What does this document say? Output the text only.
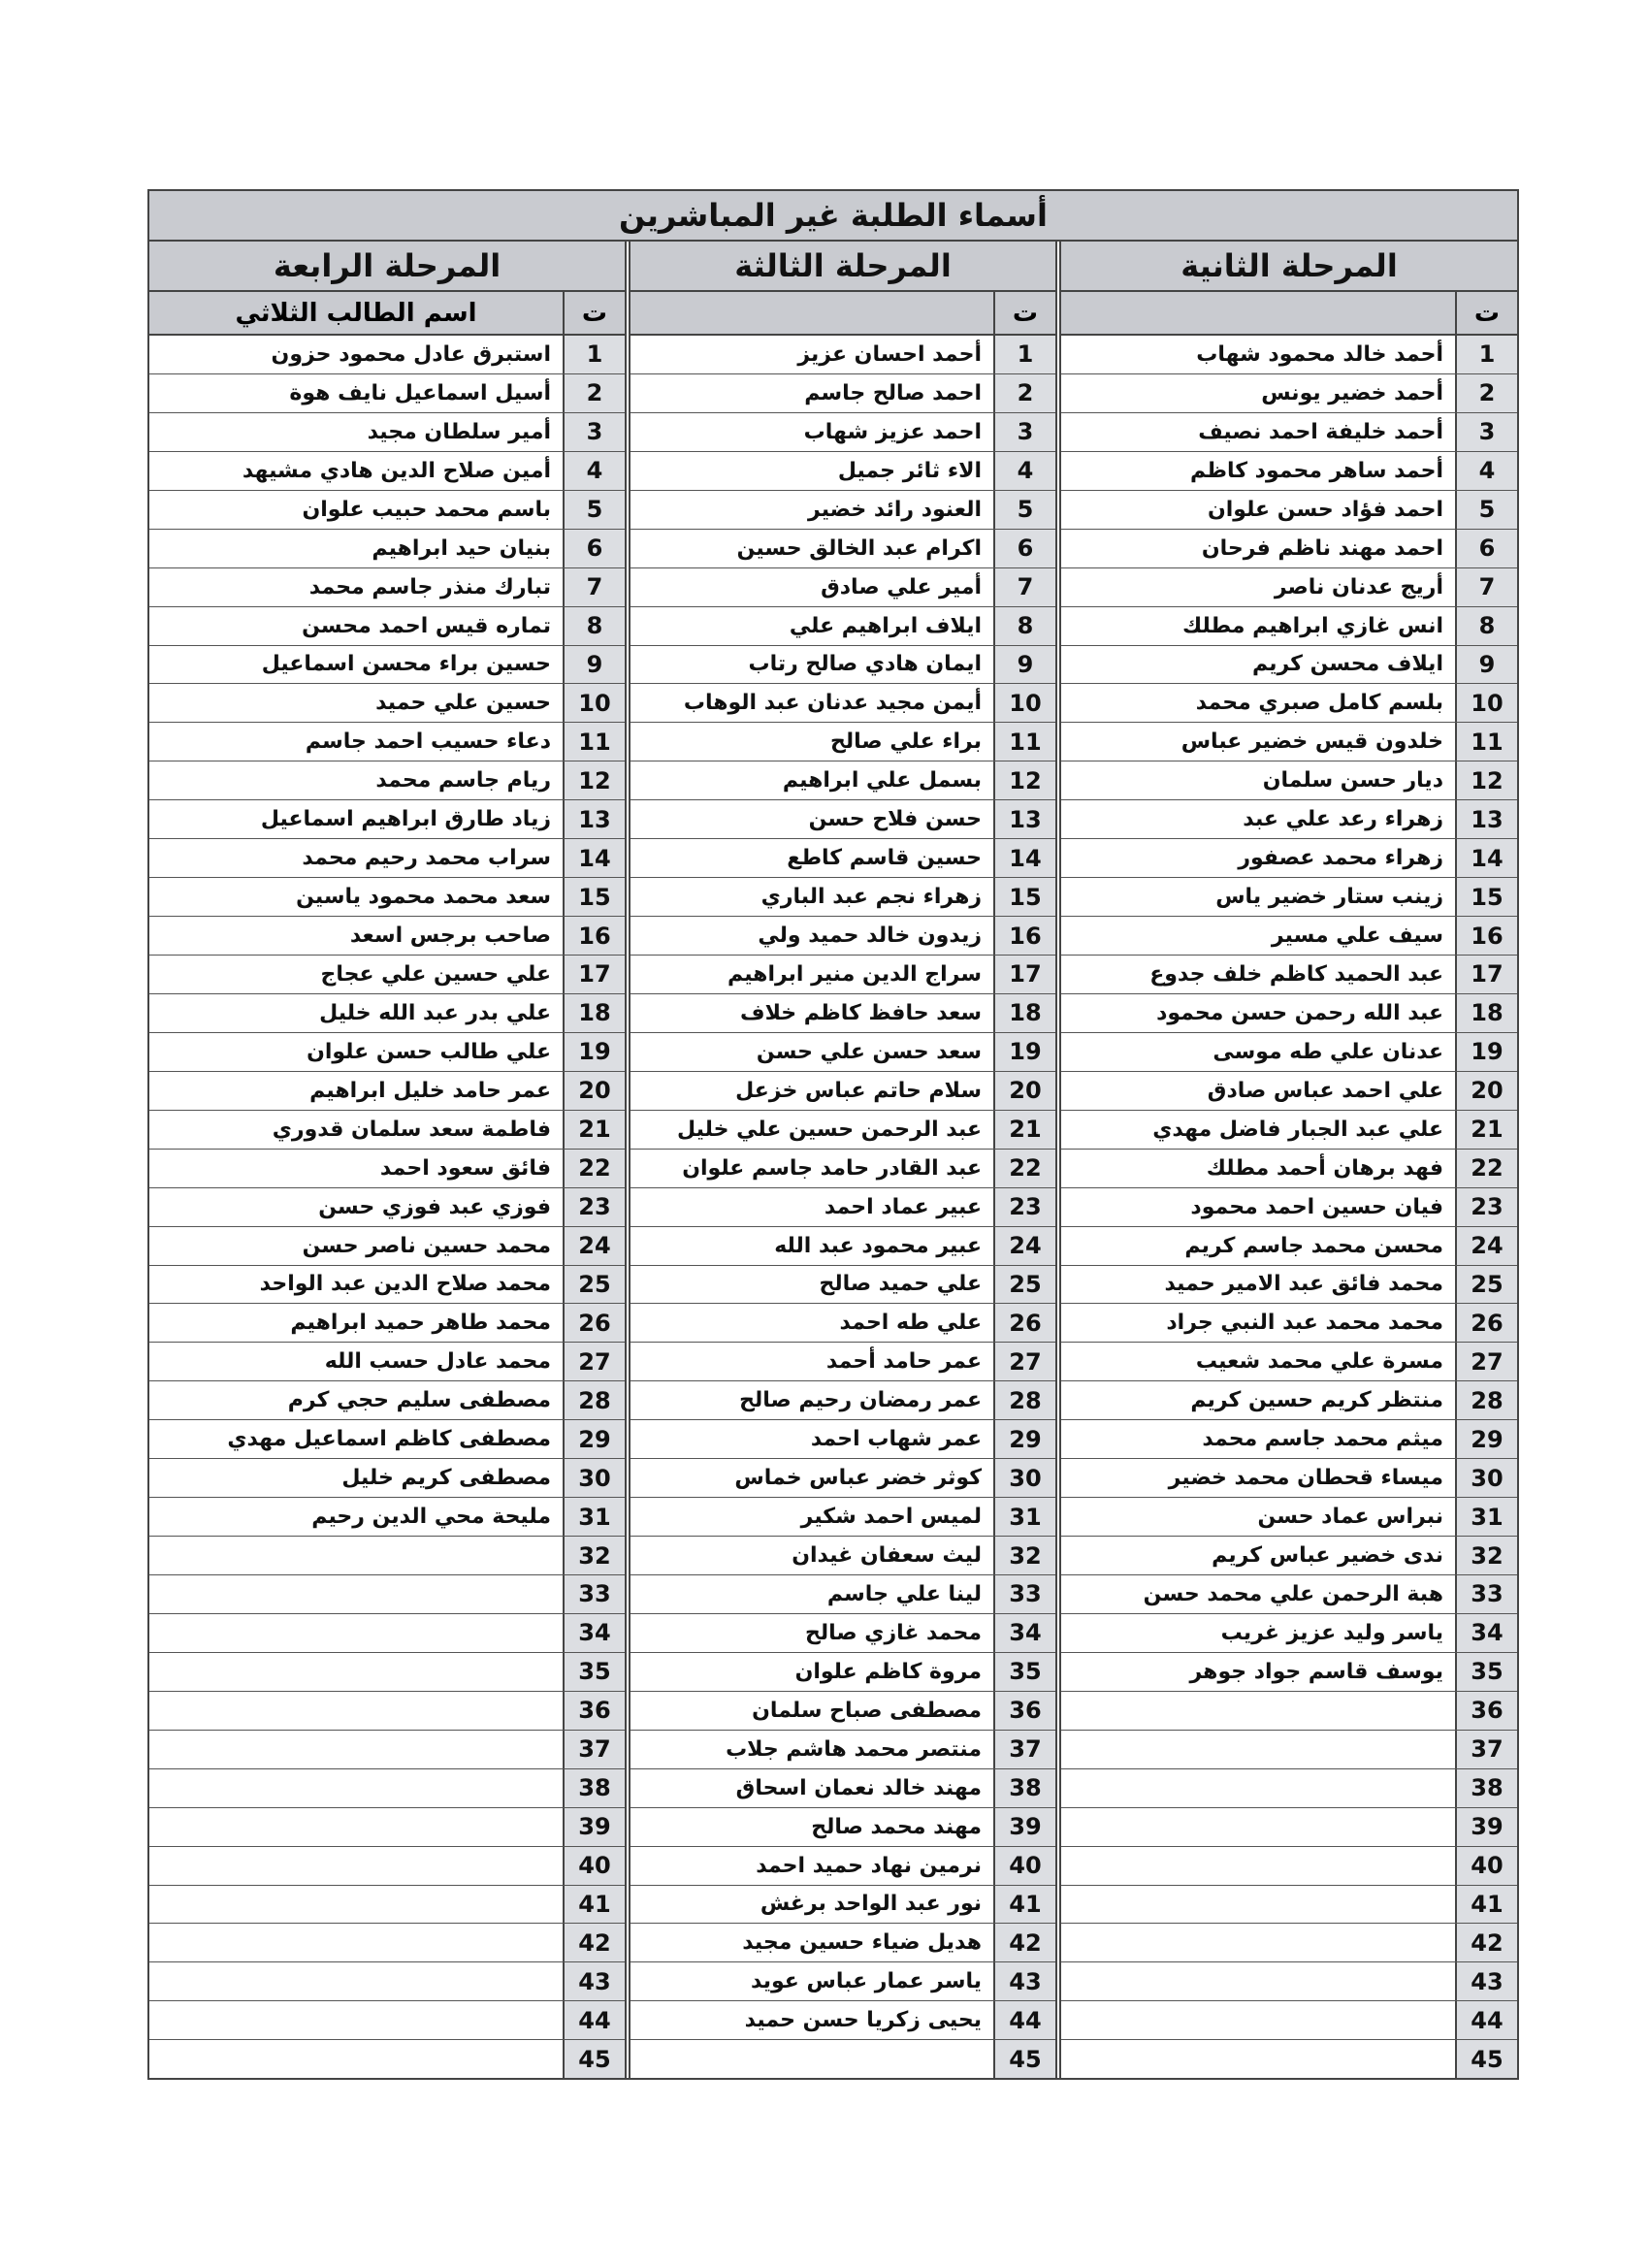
أسماء الطلبة غير المباشرين
المرحلة الثانية
ت
1
أحمد خالد محمود شهاب
2
أحمد خضير يونس
3
أحمد خليفة احمد نصيف
4
أحمد ساهر محمود كاظم
5
احمد فؤاد حسن علوان
6
احمد مهند ناظم فرحان
7
أريج عدنان ناصر
8
انس غازي ابراهيم مطلك
9
ايلاف محسن كريم
10
بلسم كامل صبري محمد
11
خلدون قيس خضير عباس
12
ديار حسن سلمان
13
زهراء رعد علي عبد
14
زهراء محمد عصفور
15
زينب ستار خضير ياس
16
سيف علي مسير
17
عبد الحميد كاظم خلف جدوع
18
عبد الله رحمن حسن محمود
19
عدنان علي طه موسى
20
علي احمد عباس صادق
21
علي عبد الجبار فاضل مهدي
22
فهد برهان أحمد مطلك
23
فيان حسين احمد محمود
24
محسن محمد جاسم كريم
25
محمد فائق عبد الامير حميد
26
محمد محمد عبد النبي جراد
27
مسرة علي محمد شعيب
28
منتظر كريم حسين كريم
29
ميثم محمد جاسم محمد
30
ميساء قحطان محمد خضير
31
نبراس عماد حسن
32
ندى خضير عباس كريم
33
هبة الرحمن علي محمد حسن
34
ياسر وليد عزيز غريب
35
يوسف قاسم جواد جوهر
36
37
38
39
40
41
42
43
44
45
المرحلة الثالثة
ت
1
أحمد احسان عزيز
2
احمد صالح جاسم
3
احمد عزيز شهاب
4
الاء ثائر جميل
5
العنود رائد خضير
6
اكرام عبد الخالق حسين
7
أمير علي صادق
8
ايلاف ابراهيم علي
9
ايمان هادي صالح رتاب
10
أيمن مجيد عدنان عبد الوهاب
11
براء علي صالح
12
بسمل علي ابراهيم
13
حسن فلاح حسن
14
حسين قاسم كاطع
15
زهراء نجم عبد الباري
16
زيدون خالد حميد ولي
17
سراج الدين منير ابراهيم
18
سعد حافظ كاظم خلاف
19
سعد حسن علي حسن
20
سلام حاتم عباس خزعل
21
عبد الرحمن حسين علي خليل
22
عبد القادر حامد جاسم علوان
23
عبير عماد احمد
24
عبير محمود عبد الله
25
علي حميد صالح
26
علي طه احمد
27
عمر حامد أحمد
28
عمر رمضان رحيم صالح
29
عمر شهاب احمد
30
كوثر خضر عباس خماس
31
لميس احمد شكير
32
ليث سعفان غيدان
33
لينا علي جاسم
34
محمد غازي صالح
35
مروة كاظم علوان
36
مصطفى صباح سلمان
37
منتصر محمد هاشم جلاب
38
مهند خالد نعمان اسحاق
39
مهند محمد صالح
40
نرمين نهاد حميد احمد
41
نور عبد الواحد برغش
42
هديل ضياء حسين مجيد
43
ياسر عمار عباس عويد
44
يحيى زكريا حسن حميد
45
المرحلة الرابعة
ت
اسم الطالب الثلاثي
1
استبرق عادل محمود حزون
2
أسيل اسماعيل نايف هوة
3
أمير سلطان مجيد
4
أمين صلاح الدين هادي مشيهد
5
باسم محمد حبيب علوان
6
بنيان حيد ابراهيم
7
تبارك منذر جاسم محمد
8
تماره قيس احمد محسن
9
حسين براء محسن اسماعيل
10
حسين علي حميد
11
دعاء حسيب احمد جاسم
12
ريام جاسم محمد
13
زياد طارق ابراهيم اسماعيل
14
سراب محمد رحيم محمد
15
سعد محمد محمود ياسين
16
صاحب برجس اسعد
17
علي حسين علي عجاج
18
علي بدر عبد الله خليل
19
علي طالب حسن علوان
20
عمر حامد خليل ابراهيم
21
فاطمة سعد سلمان قدوري
22
فائق سعود احمد
23
فوزي عبد فوزي حسن
24
محمد حسين ناصر حسن
25
محمد صلاح الدين عبد الواحد
26
محمد طاهر حميد ابراهيم
27
محمد عادل حسب الله
28
مصطفى سليم حجي كرم
29
مصطفى كاظم اسماعيل مهدي
30
مصطفى كريم خليل
31
مليحة محي الدين رحيم
32
33
34
35
36
37
38
39
40
41
42
43
44
45
